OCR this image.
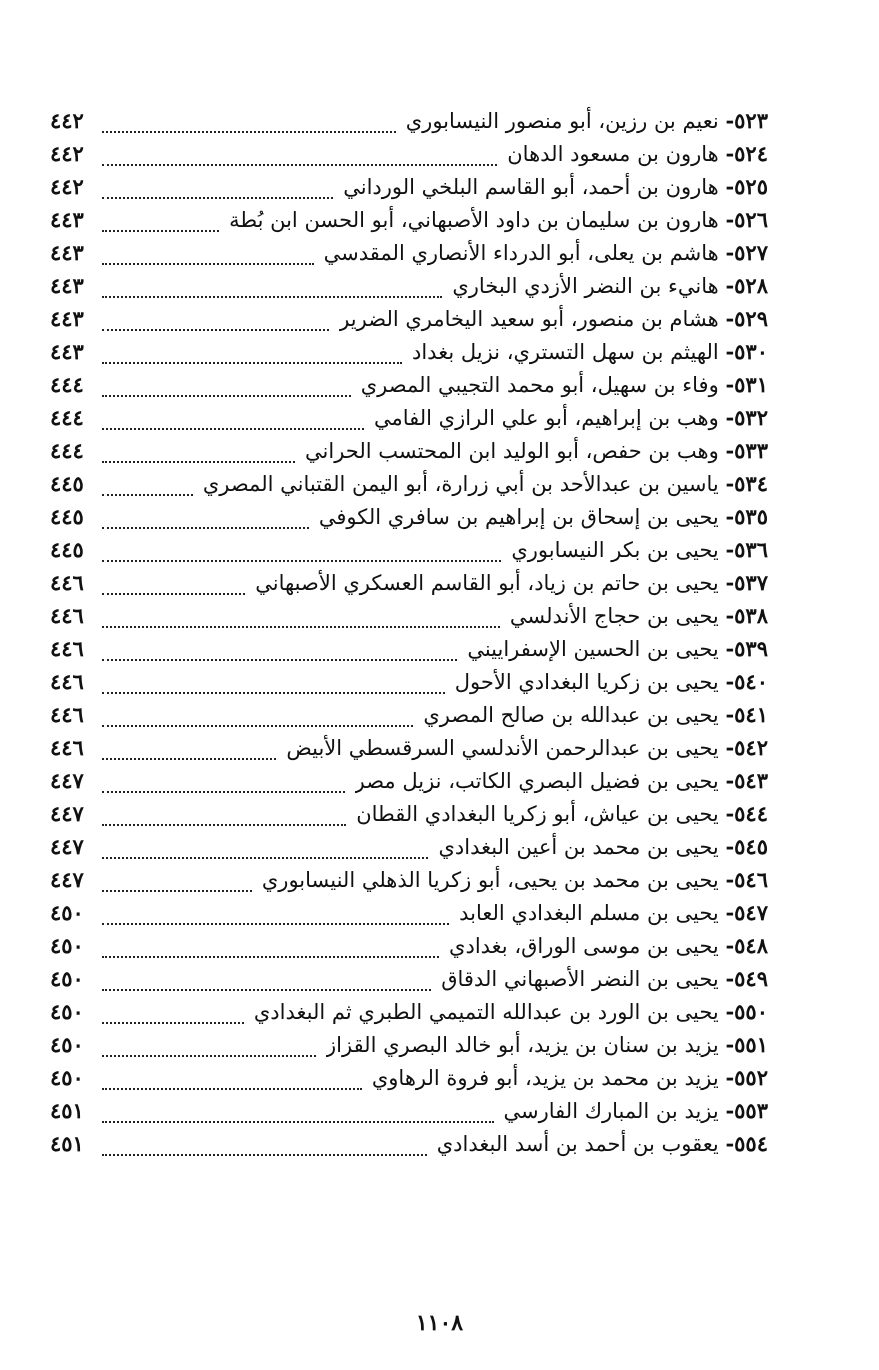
٥٢٣- نعيم بن رزين، أبو منصور النيسابوري
٤٤٢
٥٢٤- هارون بن مسعود الدهان
٤٤٢
٥٢٥- هارون بن أحمد، أبو القاسم البلخي الورداني
٤٤٢
٥٢٦- هارون بن سليمان بن داود الأصبهاني، أبو الحسن ابن بُطة
٤٤٣
٥٢٧- هاشم بن يعلى، أبو الدرداء الأنصاري المقدسي
٤٤٣
٥٢٨- هانيء بن النضر الأزدي البخاري
٤٤٣
٥٢٩- هشام بن منصور، أبو سعيد اليخامري الضرير
٤٤٣
٥٣٠- الهيثم بن سهل التستري، نزيل بغداد
٤٤٣
٥٣١- وفاء بن سهيل، أبو محمد التجيبي المصري
٤٤٤
٥٣٢- وهب بن إبراهيم، أبو علي الرازي الفامي
٤٤٤
٥٣٣- وهب بن حفص، أبو الوليد ابن المحتسب الحراني
٤٤٤
٥٣٤- ياسين بن عبدالأحد بن أبي زرارة، أبو اليمن القتباني المصري
٤٤٥
٥٣٥- يحيى بن إسحاق بن إبراهيم بن سافري الكوفي
٤٤٥
٥٣٦- يحيى بن بكر النيسابوري
٤٤٥
٥٣٧- يحيى بن حاتم بن زياد، أبو القاسم العسكري الأصبهاني
٤٤٦
٥٣٨- يحيى بن حجاج الأندلسي
٤٤٦
٥٣٩- يحيى بن الحسين الإسفراييني
٤٤٦
٥٤٠- يحيى بن زكريا البغدادي الأحول
٤٤٦
٥٤١- يحيى بن عبدالله بن صالح المصري
٤٤٦
٥٤٢- يحيى بن عبدالرحمن الأندلسي السرقسطي الأبيض
٤٤٦
٥٤٣- يحيى بن فضيل البصري الكاتب، نزيل مصر
٤٤٧
٥٤٤- يحيى بن عياش، أبو زكريا البغدادي القطان
٤٤٧
٥٤٥- يحيى بن محمد بن أعين البغدادي
٤٤٧
٥٤٦- يحيى بن محمد بن يحيى، أبو زكريا الذهلي النيسابوري
٤٤٧
٥٤٧- يحيى بن مسلم البغدادي العابد
٤٥٠
٥٤٨- يحيى بن موسى الوراق، بغدادي
٤٥٠
٥٤٩- يحيى بن النضر الأصبهاني الدقاق
٤٥٠
٥٥٠- يحيى بن الورد بن عبدالله التميمي الطبري ثم البغدادي
٤٥٠
٥٥١- يزيد بن سنان بن يزيد، أبو خالد البصري القزاز
٤٥٠
٥٥٢- يزيد بن محمد بن يزيد، أبو فروة الرهاوي
٤٥٠
٥٥٣- يزيد بن المبارك الفارسي
٤٥١
٥٥٤- يعقوب بن أحمد بن أسد البغدادي
٤٥١
١١٠٨
